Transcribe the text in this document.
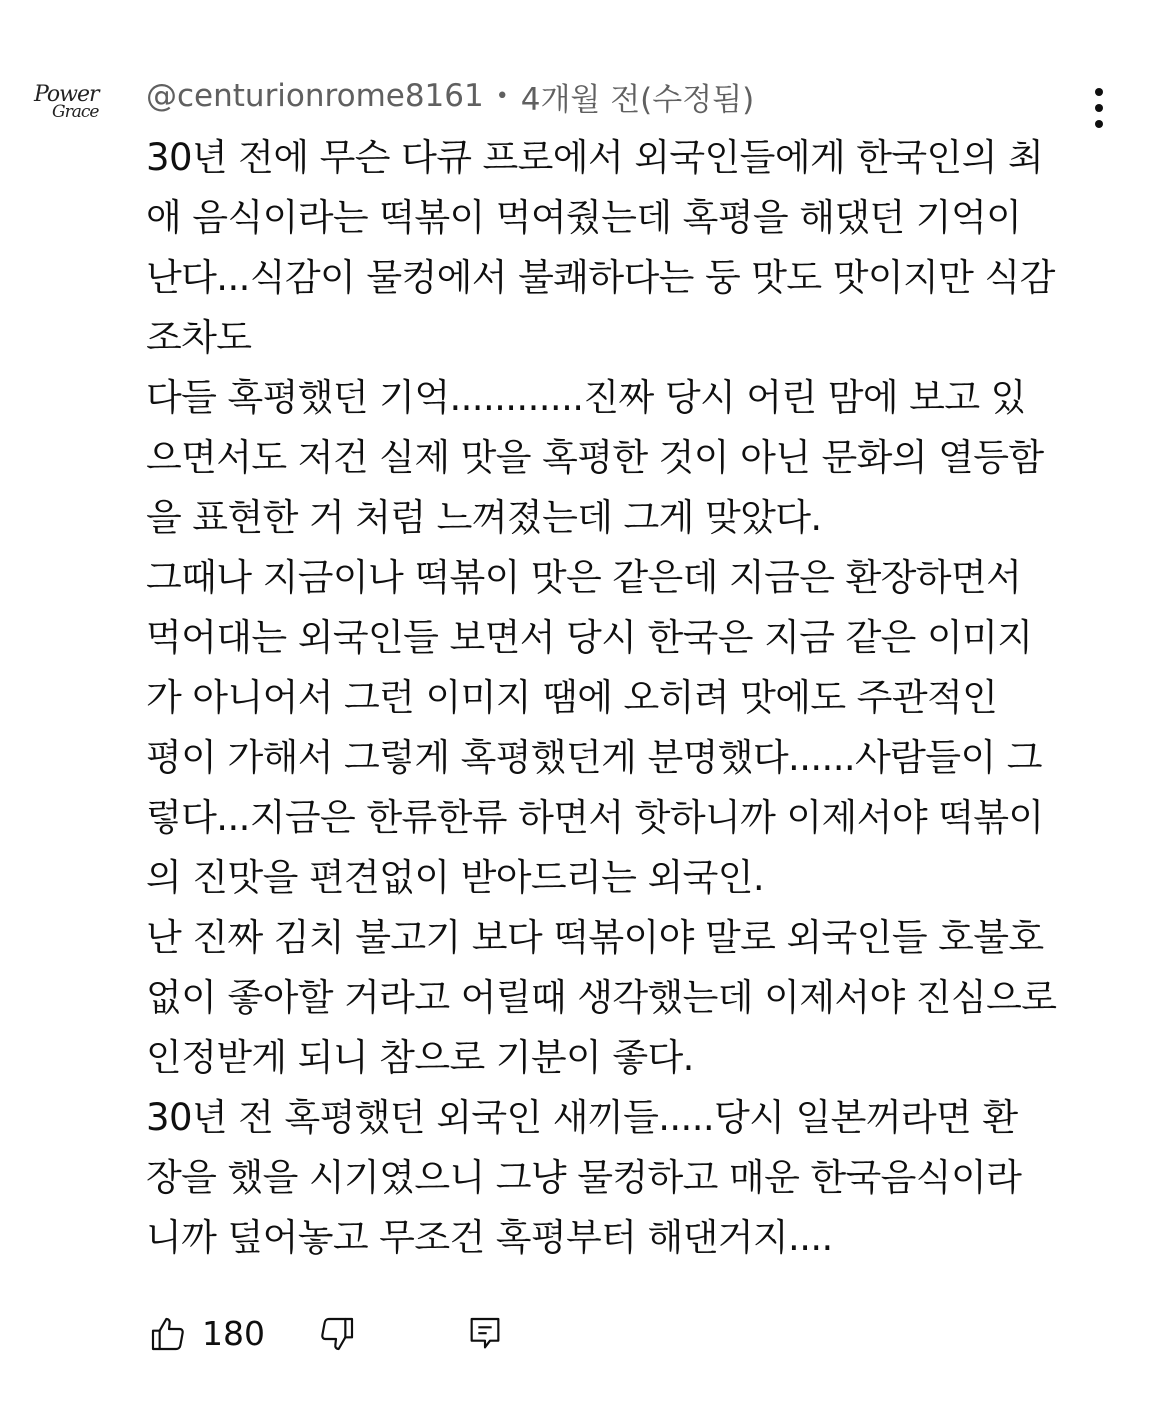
Power
Grace @centurionrome8161 • 4개월 전(수정됨)
30년 전에 무슨 다큐 프로에서 외국인들에게 한국인의 최
애 음식이라는 떡볶이 먹여줬는데 혹평을 해댔던 기억이
난다...식감이 물컹에서 불쾌하다는 둥 맛도 맛이지만 식감
조차도
다들 혹평했던 기억............진짜 당시 어린 맘에 보고 있
으면서도 저건 실제 맛을 혹평한 것이 아닌 문화의 열등함
을 표현한 거 처럼 느껴졌는데 그게 맞았다.
그때나 지금이나 떡볶이 맛은 같은데 지금은 환장하면서
먹어대는 외국인들 보면서 당시 한국은 지금 같은 이미지
가 아니어서 그런 이미지 땜에 오히려 맛에도 주관적인
평이 가해서 그렇게 혹평했던게 분명했다......사람들이 그
렇다...지금은 한류한류 하면서 핫하니까 이제서야 떡볶이
의 진맛을 편견없이 받아드리는 외국인.
난 진짜 김치 불고기 보다 떡볶이야 말로 외국인들 호불호
없이 좋아할 거라고 어릴때 생각했는데 이제서야 진심으로
인정받게 되니 참으로 기분이 좋다.
30년 전 혹평했던 외국인 새끼들.....당시 일본꺼라면 환
장을 했을 시기였으니 그냥 물컹하고 매운 한국음식이라
니까 덮어놓고 무조건 혹평부터 해댄거지....
180
